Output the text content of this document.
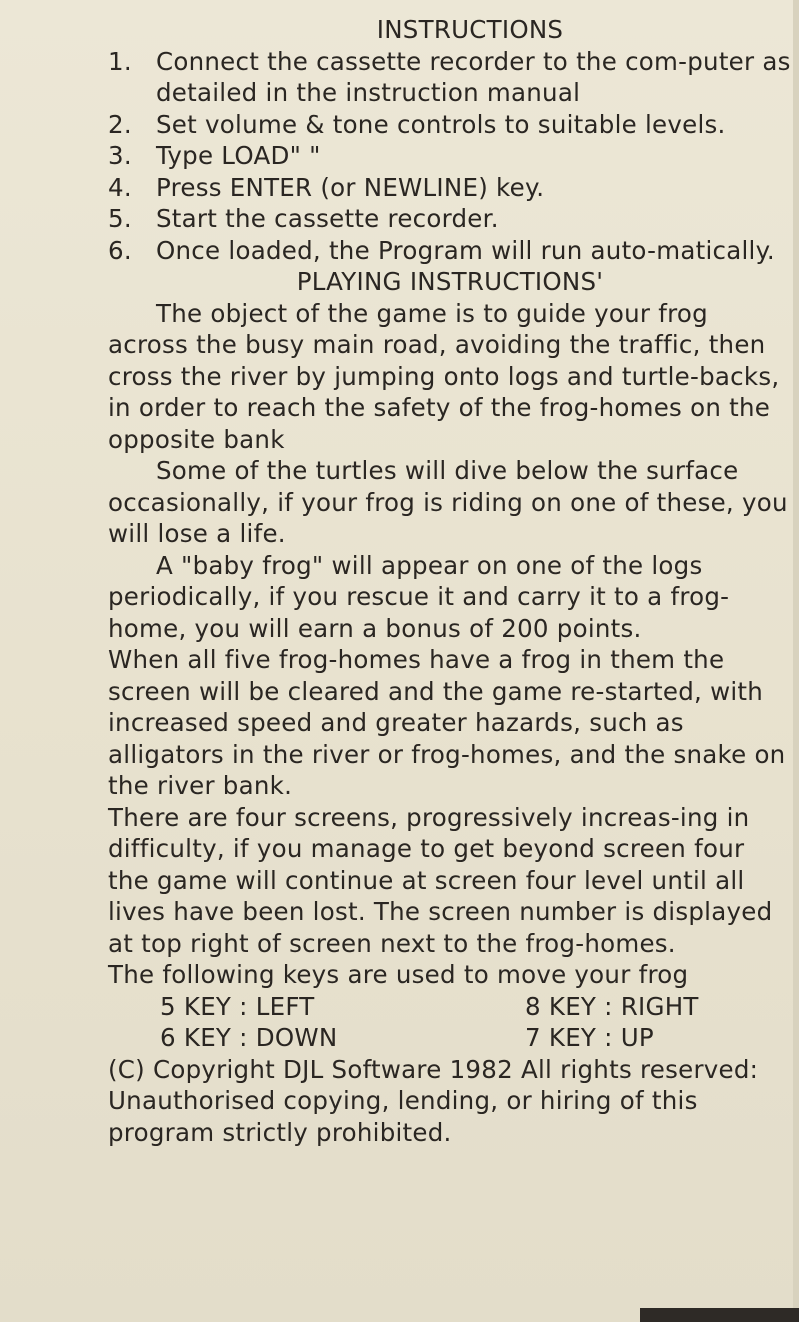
INSTRUCTIONS
1. Connect the cassette recorder to the com-puter as detailed in the instruction manual
2. Set volume & tone controls to suitable levels.
3. Type LOAD" "
4. Press ENTER (or NEWLINE) key.
5. Start the cassette recorder.
6. Once loaded, the Program will run auto-matically.
PLAYING INSTRUCTIONS'

The object of the game is to guide your frog across the busy main road, avoiding the traffic, then cross the river by jumping onto logs and turtle-backs, in order to reach the safety of the frog-homes on the opposite bank

Some of the turtles will dive below the surface occasionally, if your frog is riding on one of these, you will lose a life.

A "baby frog" will appear on one of the logs periodically, if you rescue it and carry it to a frog-home, you will earn a bonus of 200 points.

When all five frog-homes have a frog in them the screen will be cleared and the game re-started, with increased speed and greater hazards, such as alligators in the river or frog-homes, and the snake on the river bank.

There are four screens, progressively increas-ing in difficulty, if you manage to get beyond screen four the game will continue at screen four level until all lives have been lost. The screen number is displayed at top right of screen next to the frog-homes.

The following keys are used to move your frog

5 KEY : LEFT	8 KEY : RIGHT
6 KEY : DOWN	7 KEY : UP

(C) Copyright DJL Software 1982 All rights reserved: Unauthorised copying, lending, or hiring of this program strictly prohibited.
